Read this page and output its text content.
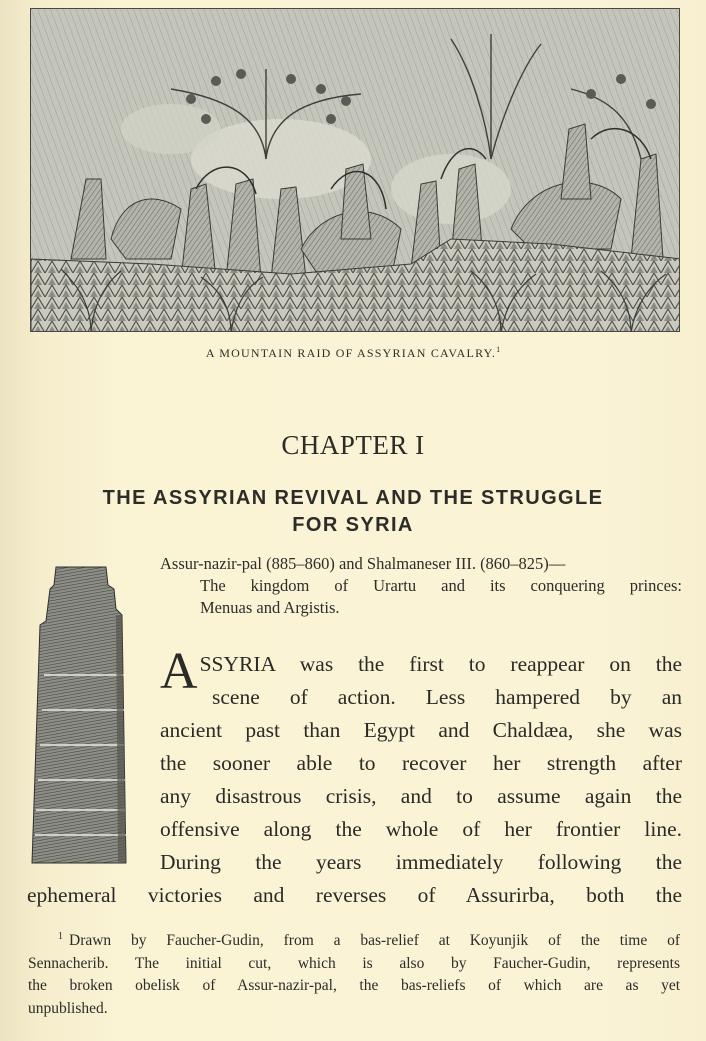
A MOUNTAIN RAID OF ASSYRIAN CAVALRY.$^1$
CHAPTER I
THE ASSYRIAN REVIVAL AND THE STRUGGLE
FOR SYRIA
Assur-nazir-pal (885–860) and Shalmaneser III. (860–825)—
The kingdom of Urartu and its conquering princes:
Menuas and Argistis.
A SSYRIA was the first to reappear on the
scene of action. Less hampered by an
ancient past than Egypt and Chaldæa, she was
the sooner able to recover her strength after
any disastrous crisis, and to assume again the
offensive along the whole of her frontier line.
During the years immediately following the
ephemeral victories and reverses of Assurirba, both the
$^1$ Drawn by Faucher-Gudin, from a bas-relief at Koyunjik of the time of
Sennacherib. The initial cut, which is also by Faucher-Gudin, represents
the broken obelisk of Assur-nazir-pal, the bas-reliefs of which are as yet
unpublished.
